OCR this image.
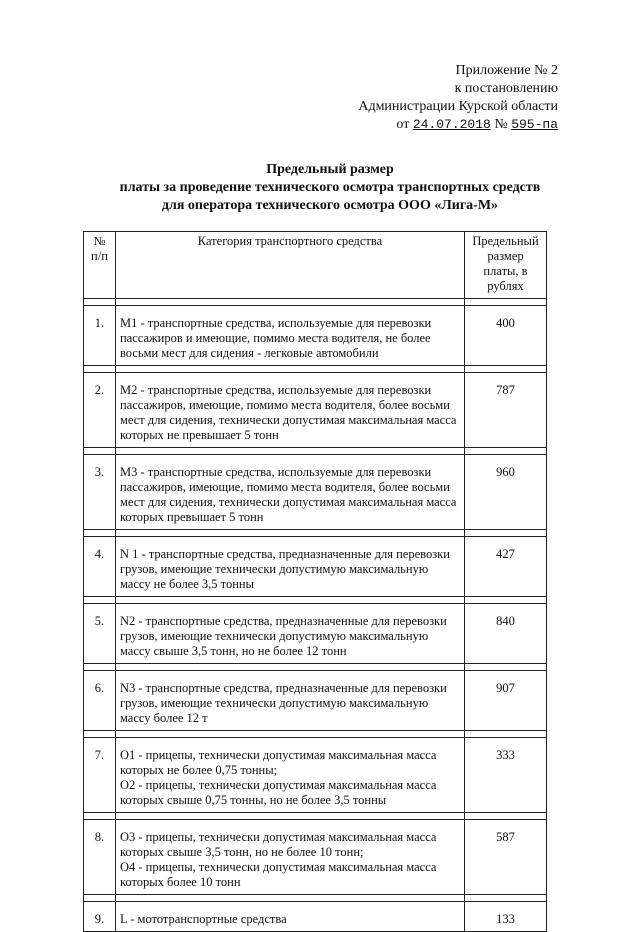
Приложение № 2
к постановлению
Администрации Курской области
от 24.07.2018 № 595-па
Предельный размер
платы за проведение технического осмотра транспортных средств
для оператора технического осмотра ООО «Лига-М»
№ п/п	Категория транспортного средства	Предельный размер платы, в рублях

1.	M1 - транспортные средства, используемые для перевозки пассажиров и имеющие, помимо места водителя, не более восьми мест для сидения - легковые автомобили	400

2.	M2 - транспортные средства, используемые для перевозки пассажиров, имеющие, помимо места водителя, более восьми мест для сидения, технически допустимая максимальная масса которых не превышает 5 тонн	787

3.	M3 - транспортные средства, используемые для перевозки пассажиров, имеющие, помимо места водителя, более восьми мест для сидения, технически допустимая максимальная масса которых превышает 5 тонн	960

4.	N 1 - транспортные средства, предназначенные для перевозки грузов, имеющие технически допустимую максимальную массу не более 3,5 тонны	427

5.	N2 - транспортные средства, предназначенные для перевозки грузов, имеющие технически допустимую максимальную массу свыше 3,5 тонн, но не более 12 тонн	840

6.	N3 - транспортные средства, предназначенные для перевозки грузов, имеющие технически допустимую максимальную массу более 12 т	907

7.	O1 - прицепы, технически допустимая максимальная масса которых не более 0,75 тонны;
O2 - прицепы, технически допустимая максимальная масса которых свыше 0,75 тонны, но не более 3,5 тонны	333

8.	O3 - прицепы, технически допустимая максимальная масса которых свыше 3,5 тонн, но не более 10 тонн;
O4 - прицепы, технически допустимая максимальная масса которых более 10 тонн	587

9.	L - мототранспортные средства	133
